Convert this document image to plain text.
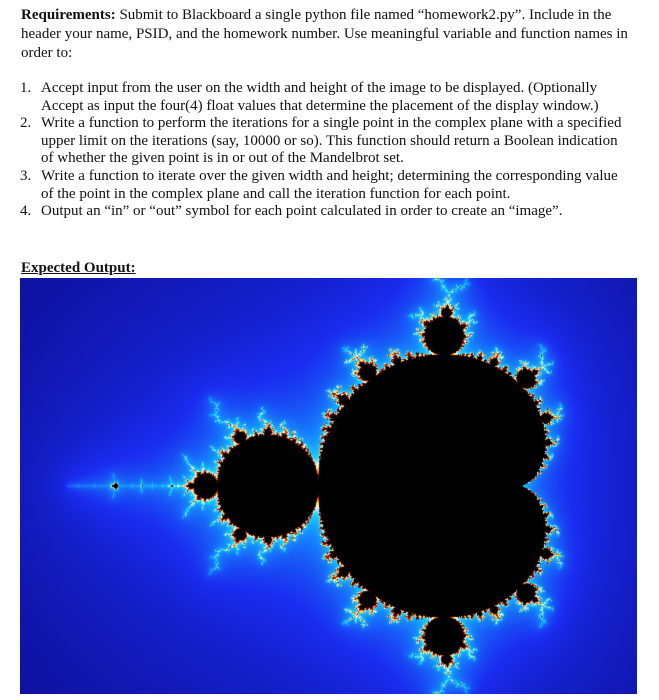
Requirements: Submit to Blackboard a single python file named “homework2.py”. Include in the header your name, PSID, and the homework number. Use meaningful variable and function names in order to:
1. Accept input from the user on the width and height of the image to be displayed. (Optionally Accept as input the four(4) float values that determine the placement of the display window.)
2. Write a function to perform the iterations for a single point in the complex plane with a specified upper limit on the iterations (say, 10000 or so). This function should return a Boolean indication of whether the given point is in or out of the Mandelbrot set.
3. Write a function to iterate over the given width and height; determining the corresponding value of the point in the complex plane and call the iteration function for each point.
4. Output an “in” or “out” symbol for each point calculated in order to create an “image”.
Expected Output:
